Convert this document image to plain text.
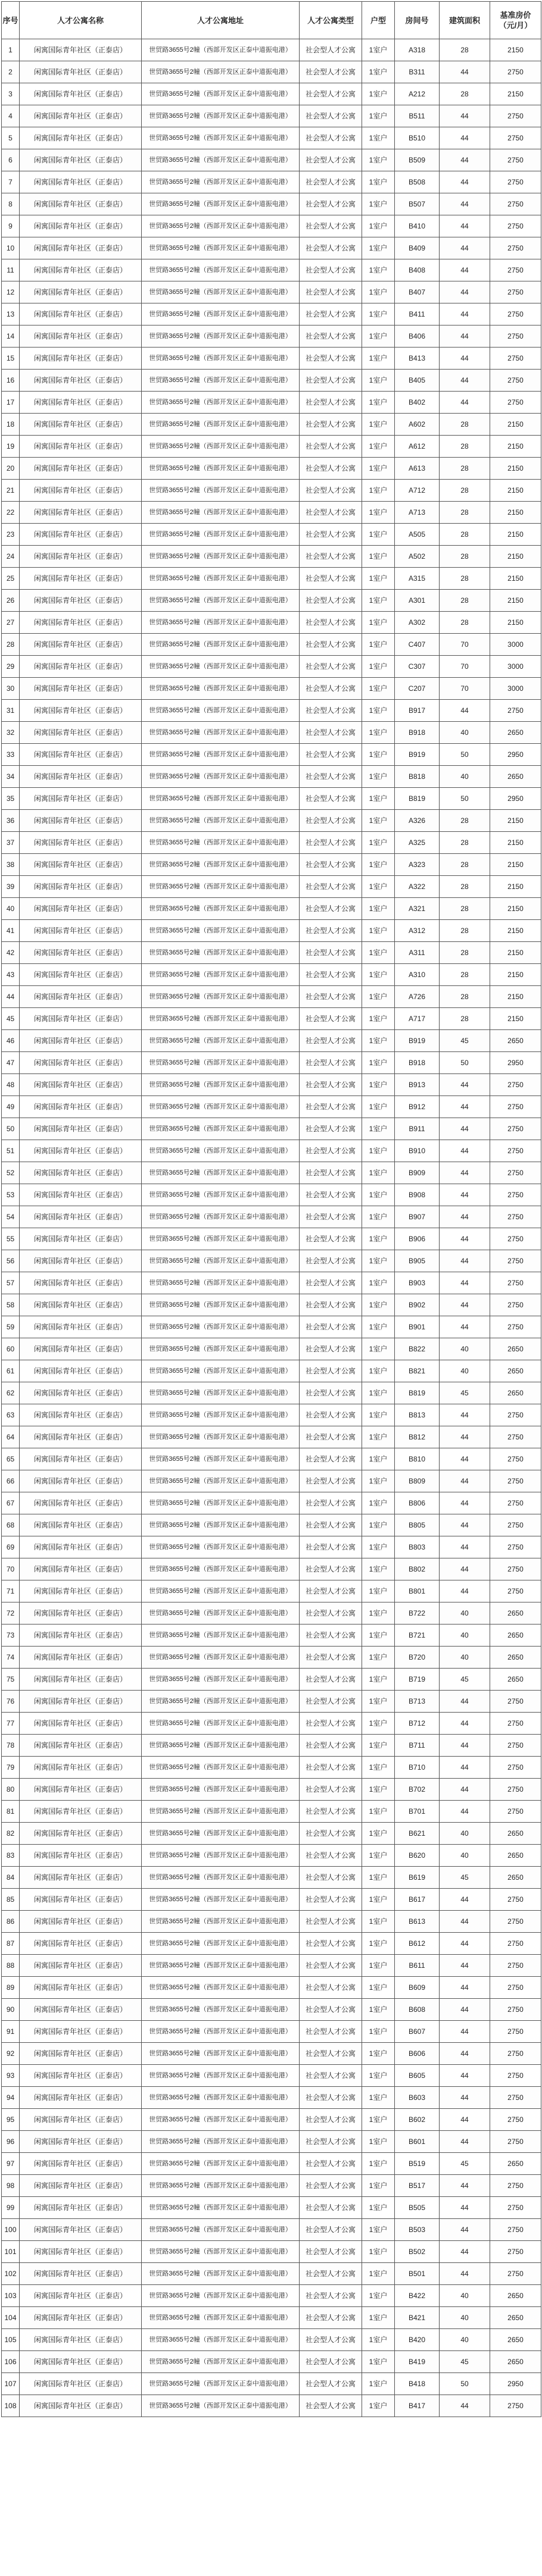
序号	人才公寓名称	人才公寓地址	人才公寓类型	户型	房间号	建筑面积	基准房价
（元/月）
1	闲寓国际青年社区（正泰店）	世贸路3655号2幢（西部开发区正泰中道振电港）	社会型人才公寓	1室户	A318	28	2150
2	闲寓国际青年社区（正泰店）	世贸路3655号2幢（西部开发区正泰中道振电港）	社会型人才公寓	1室户	B311	44	2750
3	闲寓国际青年社区（正泰店）	世贸路3655号2幢（西部开发区正泰中道振电港）	社会型人才公寓	1室户	A212	28	2150
4	闲寓国际青年社区（正泰店）	世贸路3655号2幢（西部开发区正泰中道振电港）	社会型人才公寓	1室户	B511	44	2750
5	闲寓国际青年社区（正泰店）	世贸路3655号2幢（西部开发区正泰中道振电港）	社会型人才公寓	1室户	B510	44	2750
6	闲寓国际青年社区（正泰店）	世贸路3655号2幢（西部开发区正泰中道振电港）	社会型人才公寓	1室户	B509	44	2750
7	闲寓国际青年社区（正泰店）	世贸路3655号2幢（西部开发区正泰中道振电港）	社会型人才公寓	1室户	B508	44	2750
8	闲寓国际青年社区（正泰店）	世贸路3655号2幢（西部开发区正泰中道振电港）	社会型人才公寓	1室户	B507	44	2750
9	闲寓国际青年社区（正泰店）	世贸路3655号2幢（西部开发区正泰中道振电港）	社会型人才公寓	1室户	B410	44	2750
10	闲寓国际青年社区（正泰店）	世贸路3655号2幢（西部开发区正泰中道振电港）	社会型人才公寓	1室户	B409	44	2750
11	闲寓国际青年社区（正泰店）	世贸路3655号2幢（西部开发区正泰中道振电港）	社会型人才公寓	1室户	B408	44	2750
12	闲寓国际青年社区（正泰店）	世贸路3655号2幢（西部开发区正泰中道振电港）	社会型人才公寓	1室户	B407	44	2750
13	闲寓国际青年社区（正泰店）	世贸路3655号2幢（西部开发区正泰中道振电港）	社会型人才公寓	1室户	B411	44	2750
14	闲寓国际青年社区（正泰店）	世贸路3655号2幢（西部开发区正泰中道振电港）	社会型人才公寓	1室户	B406	44	2750
15	闲寓国际青年社区（正泰店）	世贸路3655号2幢（西部开发区正泰中道振电港）	社会型人才公寓	1室户	B413	44	2750
16	闲寓国际青年社区（正泰店）	世贸路3655号2幢（西部开发区正泰中道振电港）	社会型人才公寓	1室户	B405	44	2750
17	闲寓国际青年社区（正泰店）	世贸路3655号2幢（西部开发区正泰中道振电港）	社会型人才公寓	1室户	B402	44	2750
18	闲寓国际青年社区（正泰店）	世贸路3655号2幢（西部开发区正泰中道振电港）	社会型人才公寓	1室户	A602	28	2150
19	闲寓国际青年社区（正泰店）	世贸路3655号2幢（西部开发区正泰中道振电港）	社会型人才公寓	1室户	A612	28	2150
20	闲寓国际青年社区（正泰店）	世贸路3655号2幢（西部开发区正泰中道振电港）	社会型人才公寓	1室户	A613	28	2150
21	闲寓国际青年社区（正泰店）	世贸路3655号2幢（西部开发区正泰中道振电港）	社会型人才公寓	1室户	A712	28	2150
22	闲寓国际青年社区（正泰店）	世贸路3655号2幢（西部开发区正泰中道振电港）	社会型人才公寓	1室户	A713	28	2150
23	闲寓国际青年社区（正泰店）	世贸路3655号2幢（西部开发区正泰中道振电港）	社会型人才公寓	1室户	A505	28	2150
24	闲寓国际青年社区（正泰店）	世贸路3655号2幢（西部开发区正泰中道振电港）	社会型人才公寓	1室户	A502	28	2150
25	闲寓国际青年社区（正泰店）	世贸路3655号2幢（西部开发区正泰中道振电港）	社会型人才公寓	1室户	A315	28	2150
26	闲寓国际青年社区（正泰店）	世贸路3655号2幢（西部开发区正泰中道振电港）	社会型人才公寓	1室户	A301	28	2150
27	闲寓国际青年社区（正泰店）	世贸路3655号2幢（西部开发区正泰中道振电港）	社会型人才公寓	1室户	A302	28	2150
28	闲寓国际青年社区（正泰店）	世贸路3655号2幢（西部开发区正泰中道振电港）	社会型人才公寓	1室户	C407	70	3000
29	闲寓国际青年社区（正泰店）	世贸路3655号2幢（西部开发区正泰中道振电港）	社会型人才公寓	1室户	C307	70	3000
30	闲寓国际青年社区（正泰店）	世贸路3655号2幢（西部开发区正泰中道振电港）	社会型人才公寓	1室户	C207	70	3000
31	闲寓国际青年社区（正泰店）	世贸路3655号2幢（西部开发区正泰中道振电港）	社会型人才公寓	1室户	B917	44	2750
32	闲寓国际青年社区（正泰店）	世贸路3655号2幢（西部开发区正泰中道振电港）	社会型人才公寓	1室户	B918	40	2650
33	闲寓国际青年社区（正泰店）	世贸路3655号2幢（西部开发区正泰中道振电港）	社会型人才公寓	1室户	B919	50	2950
34	闲寓国际青年社区（正泰店）	世贸路3655号2幢（西部开发区正泰中道振电港）	社会型人才公寓	1室户	B818	40	2650
35	闲寓国际青年社区（正泰店）	世贸路3655号2幢（西部开发区正泰中道振电港）	社会型人才公寓	1室户	B819	50	2950
36	闲寓国际青年社区（正泰店）	世贸路3655号2幢（西部开发区正泰中道振电港）	社会型人才公寓	1室户	A326	28	2150
37	闲寓国际青年社区（正泰店）	世贸路3655号2幢（西部开发区正泰中道振电港）	社会型人才公寓	1室户	A325	28	2150
38	闲寓国际青年社区（正泰店）	世贸路3655号2幢（西部开发区正泰中道振电港）	社会型人才公寓	1室户	A323	28	2150
39	闲寓国际青年社区（正泰店）	世贸路3655号2幢（西部开发区正泰中道振电港）	社会型人才公寓	1室户	A322	28	2150
40	闲寓国际青年社区（正泰店）	世贸路3655号2幢（西部开发区正泰中道振电港）	社会型人才公寓	1室户	A321	28	2150
41	闲寓国际青年社区（正泰店）	世贸路3655号2幢（西部开发区正泰中道振电港）	社会型人才公寓	1室户	A312	28	2150
42	闲寓国际青年社区（正泰店）	世贸路3655号2幢（西部开发区正泰中道振电港）	社会型人才公寓	1室户	A311	28	2150
43	闲寓国际青年社区（正泰店）	世贸路3655号2幢（西部开发区正泰中道振电港）	社会型人才公寓	1室户	A310	28	2150
44	闲寓国际青年社区（正泰店）	世贸路3655号2幢（西部开发区正泰中道振电港）	社会型人才公寓	1室户	A726	28	2150
45	闲寓国际青年社区（正泰店）	世贸路3655号2幢（西部开发区正泰中道振电港）	社会型人才公寓	1室户	A717	28	2150
46	闲寓国际青年社区（正泰店）	世贸路3655号2幢（西部开发区正泰中道振电港）	社会型人才公寓	1室户	B919	45	2650
47	闲寓国际青年社区（正泰店）	世贸路3655号2幢（西部开发区正泰中道振电港）	社会型人才公寓	1室户	B918	50	2950
48	闲寓国际青年社区（正泰店）	世贸路3655号2幢（西部开发区正泰中道振电港）	社会型人才公寓	1室户	B913	44	2750
49	闲寓国际青年社区（正泰店）	世贸路3655号2幢（西部开发区正泰中道振电港）	社会型人才公寓	1室户	B912	44	2750
50	闲寓国际青年社区（正泰店）	世贸路3655号2幢（西部开发区正泰中道振电港）	社会型人才公寓	1室户	B911	44	2750
51	闲寓国际青年社区（正泰店）	世贸路3655号2幢（西部开发区正泰中道振电港）	社会型人才公寓	1室户	B910	44	2750
52	闲寓国际青年社区（正泰店）	世贸路3655号2幢（西部开发区正泰中道振电港）	社会型人才公寓	1室户	B909	44	2750
53	闲寓国际青年社区（正泰店）	世贸路3655号2幢（西部开发区正泰中道振电港）	社会型人才公寓	1室户	B908	44	2750
54	闲寓国际青年社区（正泰店）	世贸路3655号2幢（西部开发区正泰中道振电港）	社会型人才公寓	1室户	B907	44	2750
55	闲寓国际青年社区（正泰店）	世贸路3655号2幢（西部开发区正泰中道振电港）	社会型人才公寓	1室户	B906	44	2750
56	闲寓国际青年社区（正泰店）	世贸路3655号2幢（西部开发区正泰中道振电港）	社会型人才公寓	1室户	B905	44	2750
57	闲寓国际青年社区（正泰店）	世贸路3655号2幢（西部开发区正泰中道振电港）	社会型人才公寓	1室户	B903	44	2750
58	闲寓国际青年社区（正泰店）	世贸路3655号2幢（西部开发区正泰中道振电港）	社会型人才公寓	1室户	B902	44	2750
59	闲寓国际青年社区（正泰店）	世贸路3655号2幢（西部开发区正泰中道振电港）	社会型人才公寓	1室户	B901	44	2750
60	闲寓国际青年社区（正泰店）	世贸路3655号2幢（西部开发区正泰中道振电港）	社会型人才公寓	1室户	B822	40	2650
61	闲寓国际青年社区（正泰店）	世贸路3655号2幢（西部开发区正泰中道振电港）	社会型人才公寓	1室户	B821	40	2650
62	闲寓国际青年社区（正泰店）	世贸路3655号2幢（西部开发区正泰中道振电港）	社会型人才公寓	1室户	B819	45	2650
63	闲寓国际青年社区（正泰店）	世贸路3655号2幢（西部开发区正泰中道振电港）	社会型人才公寓	1室户	B813	44	2750
64	闲寓国际青年社区（正泰店）	世贸路3655号2幢（西部开发区正泰中道振电港）	社会型人才公寓	1室户	B812	44	2750
65	闲寓国际青年社区（正泰店）	世贸路3655号2幢（西部开发区正泰中道振电港）	社会型人才公寓	1室户	B810	44	2750
66	闲寓国际青年社区（正泰店）	世贸路3655号2幢（西部开发区正泰中道振电港）	社会型人才公寓	1室户	B809	44	2750
67	闲寓国际青年社区（正泰店）	世贸路3655号2幢（西部开发区正泰中道振电港）	社会型人才公寓	1室户	B806	44	2750
68	闲寓国际青年社区（正泰店）	世贸路3655号2幢（西部开发区正泰中道振电港）	社会型人才公寓	1室户	B805	44	2750
69	闲寓国际青年社区（正泰店）	世贸路3655号2幢（西部开发区正泰中道振电港）	社会型人才公寓	1室户	B803	44	2750
70	闲寓国际青年社区（正泰店）	世贸路3655号2幢（西部开发区正泰中道振电港）	社会型人才公寓	1室户	B802	44	2750
71	闲寓国际青年社区（正泰店）	世贸路3655号2幢（西部开发区正泰中道振电港）	社会型人才公寓	1室户	B801	44	2750
72	闲寓国际青年社区（正泰店）	世贸路3655号2幢（西部开发区正泰中道振电港）	社会型人才公寓	1室户	B722	40	2650
73	闲寓国际青年社区（正泰店）	世贸路3655号2幢（西部开发区正泰中道振电港）	社会型人才公寓	1室户	B721	40	2650
74	闲寓国际青年社区（正泰店）	世贸路3655号2幢（西部开发区正泰中道振电港）	社会型人才公寓	1室户	B720	40	2650
75	闲寓国际青年社区（正泰店）	世贸路3655号2幢（西部开发区正泰中道振电港）	社会型人才公寓	1室户	B719	45	2650
76	闲寓国际青年社区（正泰店）	世贸路3655号2幢（西部开发区正泰中道振电港）	社会型人才公寓	1室户	B713	44	2750
77	闲寓国际青年社区（正泰店）	世贸路3655号2幢（西部开发区正泰中道振电港）	社会型人才公寓	1室户	B712	44	2750
78	闲寓国际青年社区（正泰店）	世贸路3655号2幢（西部开发区正泰中道振电港）	社会型人才公寓	1室户	B711	44	2750
79	闲寓国际青年社区（正泰店）	世贸路3655号2幢（西部开发区正泰中道振电港）	社会型人才公寓	1室户	B710	44	2750
80	闲寓国际青年社区（正泰店）	世贸路3655号2幢（西部开发区正泰中道振电港）	社会型人才公寓	1室户	B702	44	2750
81	闲寓国际青年社区（正泰店）	世贸路3655号2幢（西部开发区正泰中道振电港）	社会型人才公寓	1室户	B701	44	2750
82	闲寓国际青年社区（正泰店）	世贸路3655号2幢（西部开发区正泰中道振电港）	社会型人才公寓	1室户	B621	40	2650
83	闲寓国际青年社区（正泰店）	世贸路3655号2幢（西部开发区正泰中道振电港）	社会型人才公寓	1室户	B620	40	2650
84	闲寓国际青年社区（正泰店）	世贸路3655号2幢（西部开发区正泰中道振电港）	社会型人才公寓	1室户	B619	45	2650
85	闲寓国际青年社区（正泰店）	世贸路3655号2幢（西部开发区正泰中道振电港）	社会型人才公寓	1室户	B617	44	2750
86	闲寓国际青年社区（正泰店）	世贸路3655号2幢（西部开发区正泰中道振电港）	社会型人才公寓	1室户	B613	44	2750
87	闲寓国际青年社区（正泰店）	世贸路3655号2幢（西部开发区正泰中道振电港）	社会型人才公寓	1室户	B612	44	2750
88	闲寓国际青年社区（正泰店）	世贸路3655号2幢（西部开发区正泰中道振电港）	社会型人才公寓	1室户	B611	44	2750
89	闲寓国际青年社区（正泰店）	世贸路3655号2幢（西部开发区正泰中道振电港）	社会型人才公寓	1室户	B609	44	2750
90	闲寓国际青年社区（正泰店）	世贸路3655号2幢（西部开发区正泰中道振电港）	社会型人才公寓	1室户	B608	44	2750
91	闲寓国际青年社区（正泰店）	世贸路3655号2幢（西部开发区正泰中道振电港）	社会型人才公寓	1室户	B607	44	2750
92	闲寓国际青年社区（正泰店）	世贸路3655号2幢（西部开发区正泰中道振电港）	社会型人才公寓	1室户	B606	44	2750
93	闲寓国际青年社区（正泰店）	世贸路3655号2幢（西部开发区正泰中道振电港）	社会型人才公寓	1室户	B605	44	2750
94	闲寓国际青年社区（正泰店）	世贸路3655号2幢（西部开发区正泰中道振电港）	社会型人才公寓	1室户	B603	44	2750
95	闲寓国际青年社区（正泰店）	世贸路3655号2幢（西部开发区正泰中道振电港）	社会型人才公寓	1室户	B602	44	2750
96	闲寓国际青年社区（正泰店）	世贸路3655号2幢（西部开发区正泰中道振电港）	社会型人才公寓	1室户	B601	44	2750
97	闲寓国际青年社区（正泰店）	世贸路3655号2幢（西部开发区正泰中道振电港）	社会型人才公寓	1室户	B519	45	2650
98	闲寓国际青年社区（正泰店）	世贸路3655号2幢（西部开发区正泰中道振电港）	社会型人才公寓	1室户	B517	44	2750
99	闲寓国际青年社区（正泰店）	世贸路3655号2幢（西部开发区正泰中道振电港）	社会型人才公寓	1室户	B505	44	2750
100	闲寓国际青年社区（正泰店）	世贸路3655号2幢（西部开发区正泰中道振电港）	社会型人才公寓	1室户	B503	44	2750
101	闲寓国际青年社区（正泰店）	世贸路3655号2幢（西部开发区正泰中道振电港）	社会型人才公寓	1室户	B502	44	2750
102	闲寓国际青年社区（正泰店）	世贸路3655号2幢（西部开发区正泰中道振电港）	社会型人才公寓	1室户	B501	44	2750
103	闲寓国际青年社区（正泰店）	世贸路3655号2幢（西部开发区正泰中道振电港）	社会型人才公寓	1室户	B422	40	2650
104	闲寓国际青年社区（正泰店）	世贸路3655号2幢（西部开发区正泰中道振电港）	社会型人才公寓	1室户	B421	40	2650
105	闲寓国际青年社区（正泰店）	世贸路3655号2幢（西部开发区正泰中道振电港）	社会型人才公寓	1室户	B420	40	2650
106	闲寓国际青年社区（正泰店）	世贸路3655号2幢（西部开发区正泰中道振电港）	社会型人才公寓	1室户	B419	45	2650
107	闲寓国际青年社区（正泰店）	世贸路3655号2幢（西部开发区正泰中道振电港）	社会型人才公寓	1室户	B418	50	2950
108	闲寓国际青年社区（正泰店）	世贸路3655号2幢（西部开发区正泰中道振电港）	社会型人才公寓	1室户	B417	44	2750
